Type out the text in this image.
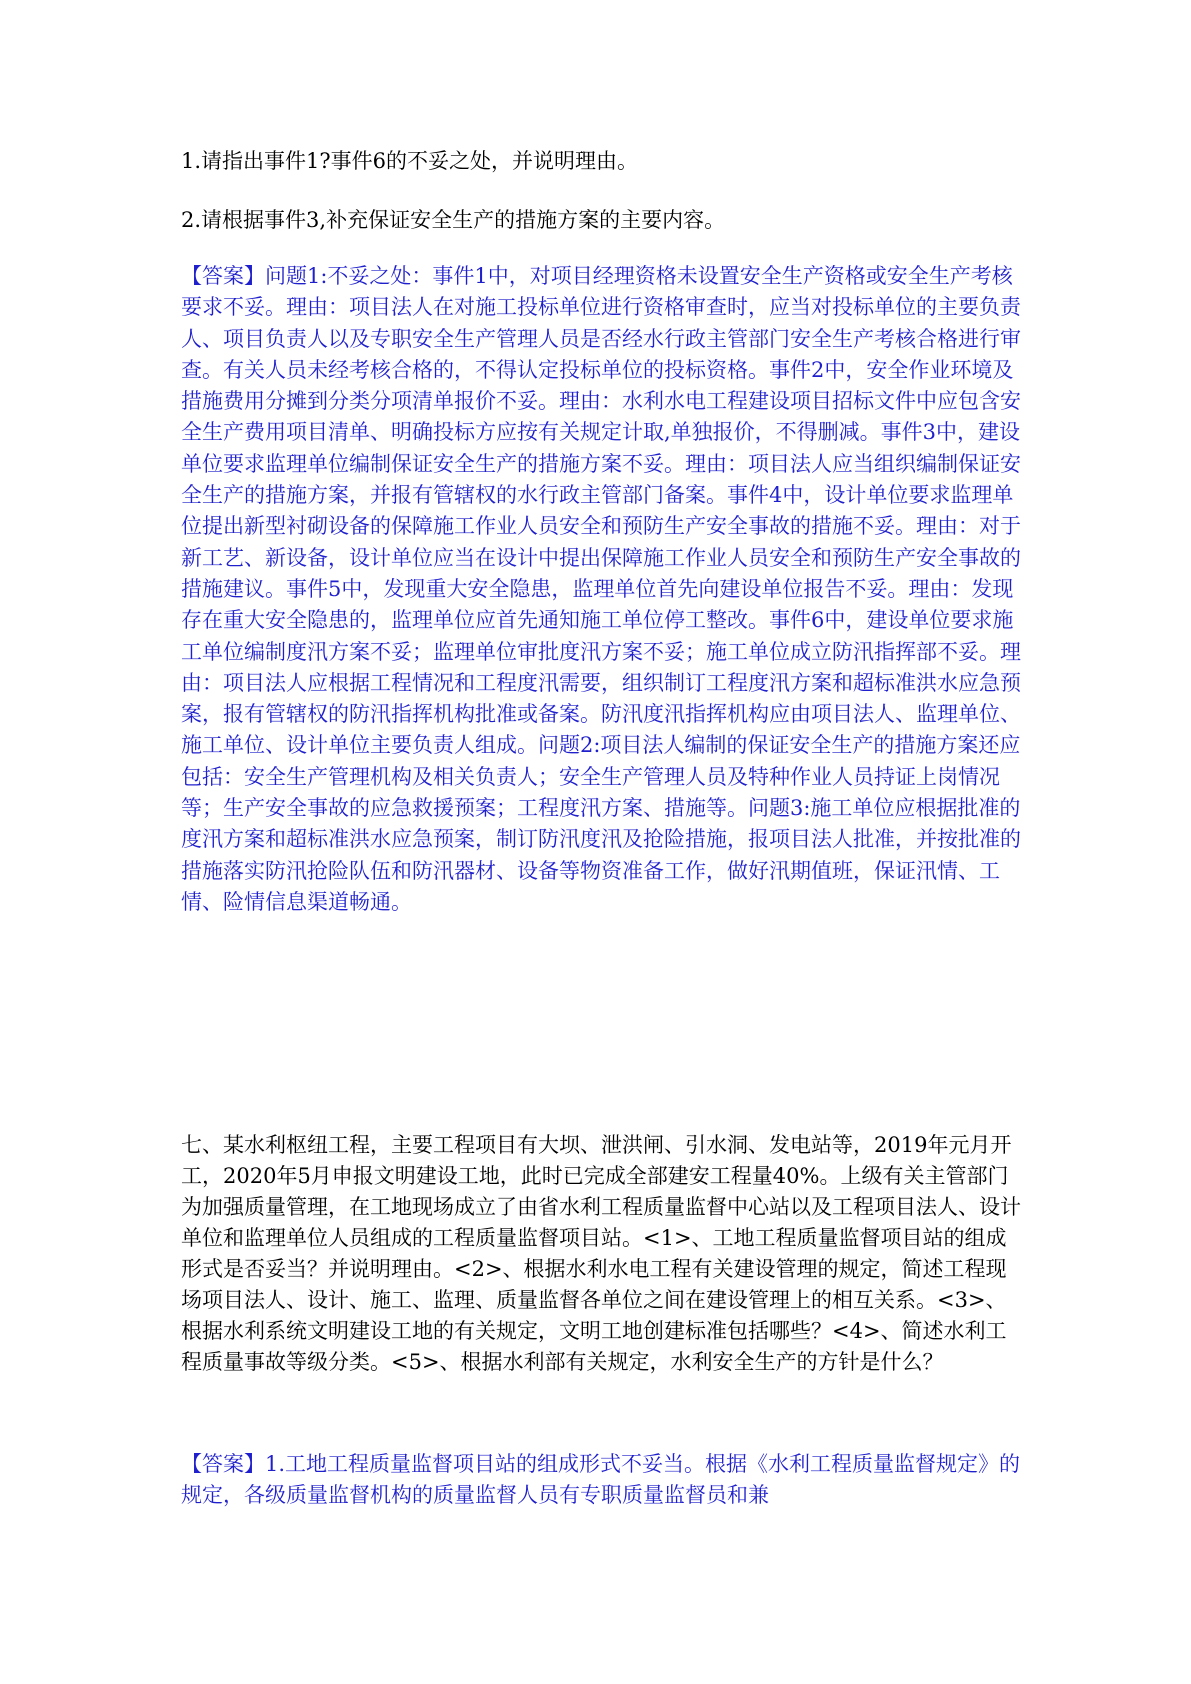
1.请指出事件1?事件6的不妥之处，并说明理由。

2.请根据事件3,补充保证安全生产的措施方案的主要内容。

【答案】问题1:不妥之处：事件1中，对项目经理资格未设置安全生产资格或安全生产考核要求不妥。理由：项目法人在对施工投标单位进行资格审查时，应当对投标单位的主要负责人、项目负责人以及专职安全生产管理人员是否经水行政主管部门安全生产考核合格进行审查。有关人员未经考核合格的，不得认定投标单位的投标资格。事件2中，安全作业环境及措施费用分摊到分类分项清单报价不妥。理由：水利水电工程建设项目招标文件中应包含安全生产费用项目清单、明确投标方应按有关规定计取,单独报价，不得删减。事件3中，建设单位要求监理单位编制保证安全生产的措施方案不妥。理由：项目法人应当组织编制保证安全生产的措施方案，并报有管辖权的水行政主管部门备案。事件4中，设计单位要求监理单位提出新型衬砌设备的保障施工作业人员安全和预防生产安全事故的措施不妥。理由：对于新工艺、新设备，设计单位应当在设计中提出保障施工作业人员安全和预防生产安全事故的措施建议。事件5中，发现重大安全隐患，监理单位首先向建设单位报告不妥。理由：发现存在重大安全隐患的，监理单位应首先通知施工单位停工整改。事件6中，建设单位要求施工单位编制度汛方案不妥；监理单位审批度汛方案不妥；施工单位成立防汛指挥部不妥。理由：项目法人应根据工程情况和工程度汛需要，组织制订工程度汛方案和超标准洪水应急预案，报有管辖权的防汛指挥机构批准或备案。防汛度汛指挥机构应由项目法人、监理单位、施工单位、设计单位主要负责人组成。问题2:项目法人编制的保证安全生产的措施方案还应包括：安全生产管理机构及相关负责人；安全生产管理人员及特种作业人员持证上岗情况等；生产安全事故的应急救援预案；工程度汛方案、措施等。问题3:施工单位应根据批准的度汛方案和超标准洪水应急预案，制订防汛度汛及抢险措施，报项目法人批准，并按批准的措施落实防汛抢险队伍和防汛器材、设备等物资准备工作，做好汛期值班，保证汛情、工情、险情信息渠道畅通。

七、某水利枢纽工程，主要工程项目有大坝、泄洪闸、引水洞、发电站等，2019年元月开工，2020年5月申报文明建设工地，此时已完成全部建安工程量40%。上级有关主管部门为加强质量管理，在工地现场成立了由省水利工程质量监督中心站以及工程项目法人、设计单位和监理单位人员组成的工程质量监督项目站。<1>、工地工程质量监督项目站的组成形式是否妥当？并说明理由。<2>、根据水利水电工程有关建设管理的规定，简述工程现场项目法人、设计、施工、监理、质量监督各单位之间在建设管理上的相互关系。<3>、根据水利系统文明建设工地的有关规定，文明工地创建标准包括哪些？<4>、简述水利工程质量事故等级分类。<5>、根据水利部有关规定，水利安全生产的方针是什么？

【答案】1.工地工程质量监督项目站的组成形式不妥当。根据《水利工程质量监督规定》的规定，各级质量监督机构的质量监督人员有专职质量监督员和兼
